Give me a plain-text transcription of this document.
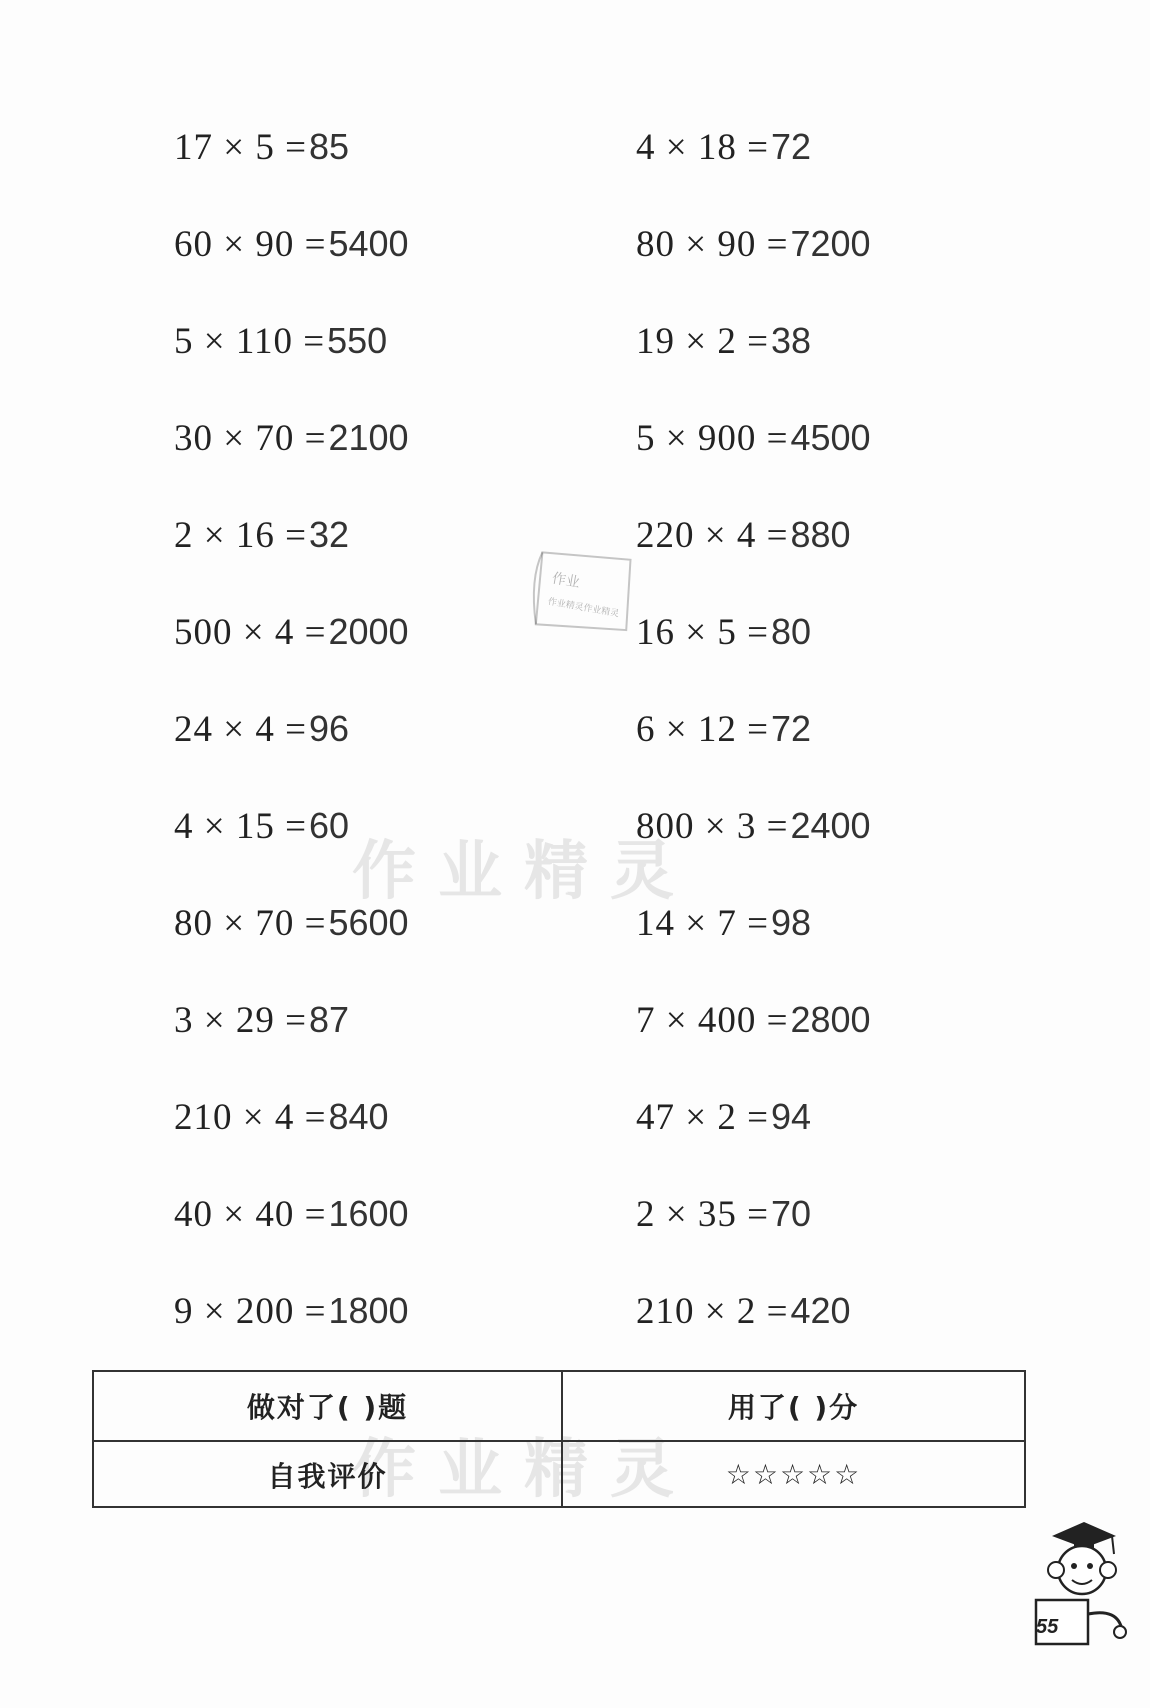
17 × 5 =85
60 × 90 =5400
5 × 110 =550
30 × 70 =2100
2 × 16 =32
500 × 4 =2000
24 × 4 =96
4 × 15 =60
80 × 70 =5600
3 × 29 =87
210 × 4 =840
40 × 40 =1600
9 × 200 =1800
4 × 18 =72
80 × 90 =7200
19 × 2 =38
5 × 900 =4500
220 × 4 =880
16 × 5 =80
6 × 12 =72
800 × 3 =2400
14 × 7 =98
7 × 400 =2800
47 × 2 =94
2 × 35 =70
210 × 2 =420
作业精灵
作业精灵
作业
作业精灵作业精灵
做对了( )题	用了( )分
自我评价	☆☆☆☆☆
55
